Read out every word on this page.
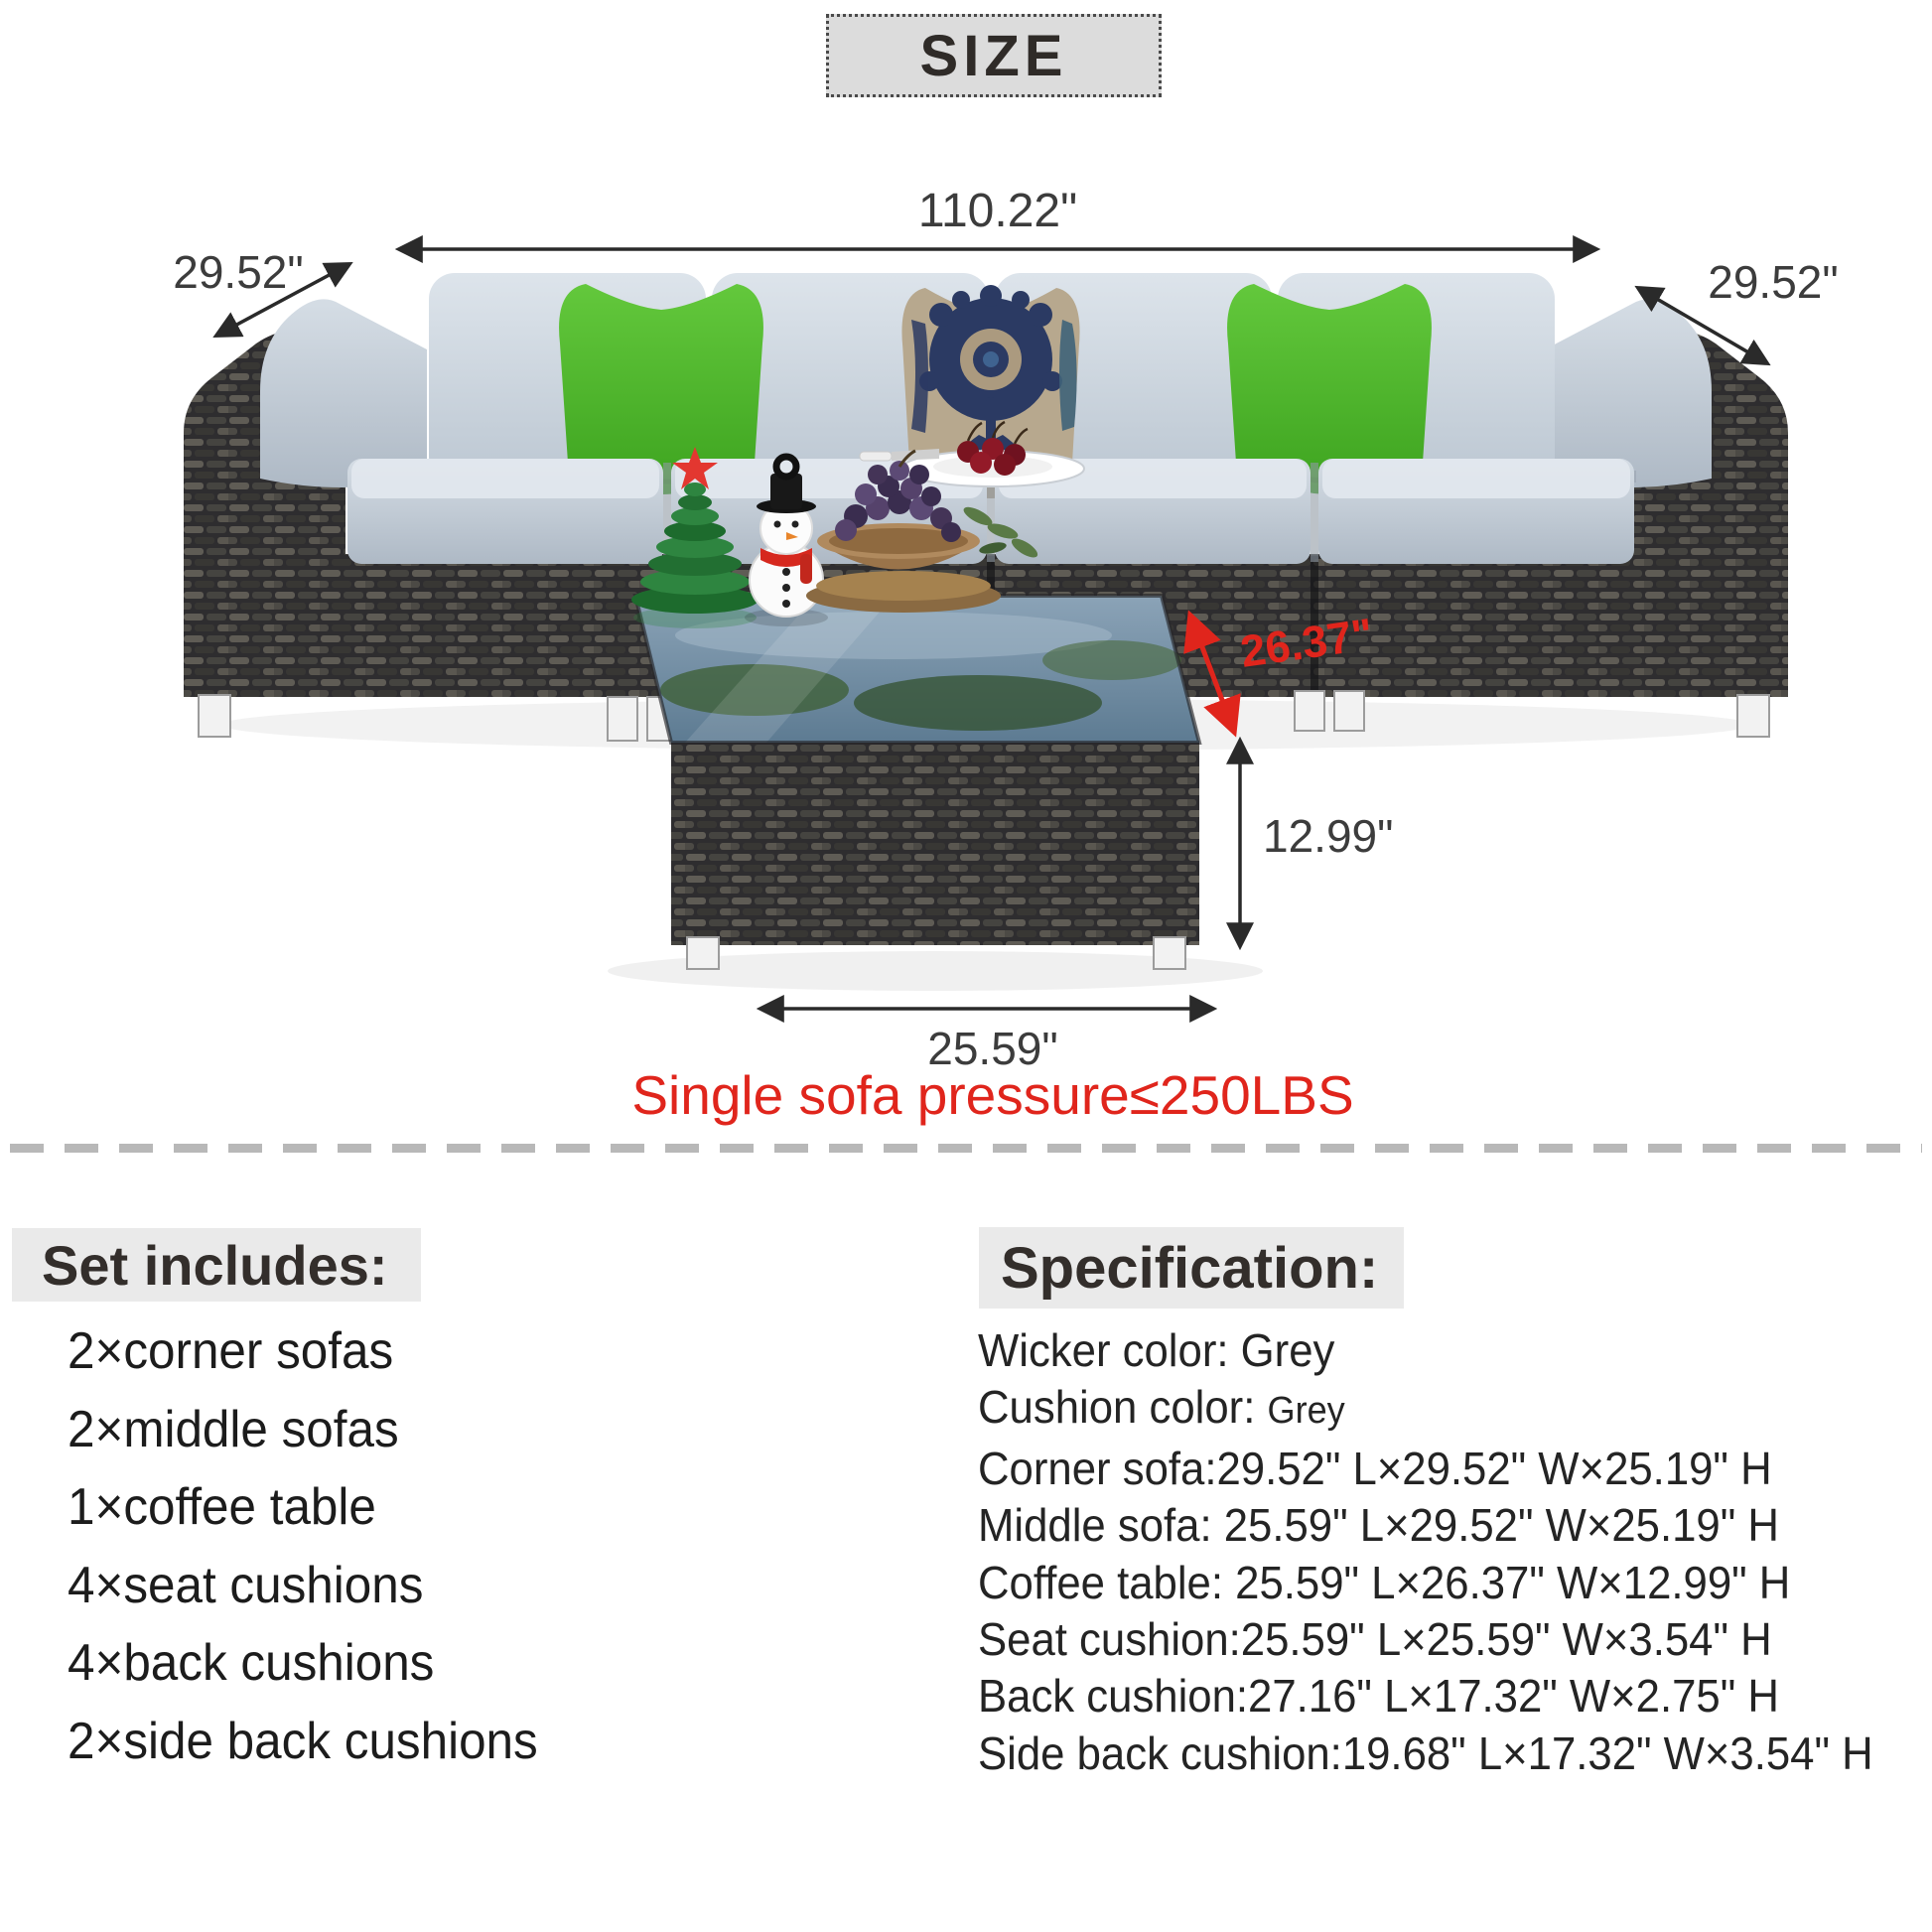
SIZE
110.22"
29.52"	29.52"
26.37"
12.99"
25.59"
Single sofa pressure≤250LBS
Set includes:
2×corner sofas
2×middle sofas
1×coffee table
4×seat cushions
4×back cushions
2×side back cushions
Specification:
Wicker color: Grey
Cushion color: Grey
Corner sofa:29.52" L×29.52" W×25.19" H
Middle sofa: 25.59" L×29.52" W×25.19" H
Coffee table: 25.59" L×26.37" W×12.99" H
Seat cushion:25.59" L×25.59" W×3.54" H
Back cushion:27.16" L×17.32" W×2.75" H
Side back cushion:19.68" L×17.32" W×3.54" H
